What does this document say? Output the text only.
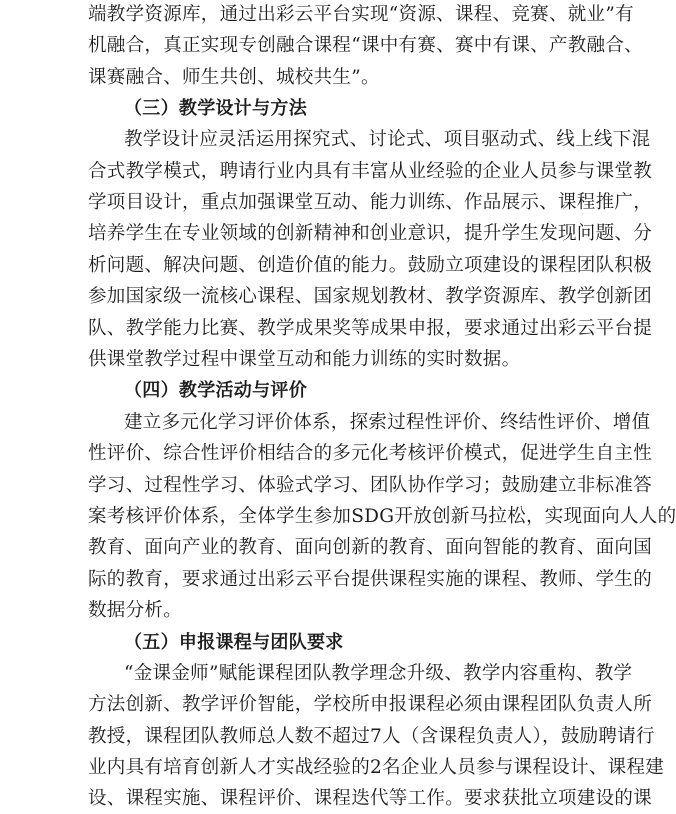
端教学资源库，通过出彩云平台实现“资源、课程、竞赛、就业”有
机融合，真正实现专创融合课程“课中有赛、赛中有课、产教融合、
课赛融合、师生共创、城校共生”。
（三）教学设计与方法
教学设计应灵活运用探究式、讨论式、项目驱动式、线上线下混
合式教学模式，聘请行业内具有丰富从业经验的企业人员参与课堂教
学项目设计，重点加强课堂互动、能力训练、作品展示、课程推广，
培养学生在专业领域的创新精神和创业意识，提升学生发现问题、分
析问题、解决问题、创造价值的能力。鼓励立项建设的课程团队积极
参加国家级一流核心课程、国家规划教材、教学资源库、教学创新团
队、教学能力比赛、教学成果奖等成果申报，要求通过出彩云平台提
供课堂教学过程中课堂互动和能力训练的实时数据。
（四）教学活动与评价
建立多元化学习评价体系，探索过程性评价、终结性评价、增值
性评价、综合性评价相结合的多元化考核评价模式，促进学生自主性
学习、过程性学习、体验式学习、团队协作学习；鼓励建立非标准答
案考核评价体系，全体学生参加SDG开放创新马拉松，实现面向人人的
教育、面向产业的教育、面向创新的教育、面向智能的教育、面向国
际的教育，要求通过出彩云平台提供课程实施的课程、教师、学生的
数据分析。
（五）申报课程与团队要求
“金课金师”赋能课程团队教学理念升级、教学内容重构、教学
方法创新、教学评价智能，学校所申报课程必须由课程团队负责人所
教授，课程团队教师总人数不超过7人（含课程负责人），鼓励聘请行
业内具有培育创新人才实战经验的2名企业人员参与课程设计、课程建
设、课程实施、课程评价、课程迭代等工作。要求获批立项建设的课
